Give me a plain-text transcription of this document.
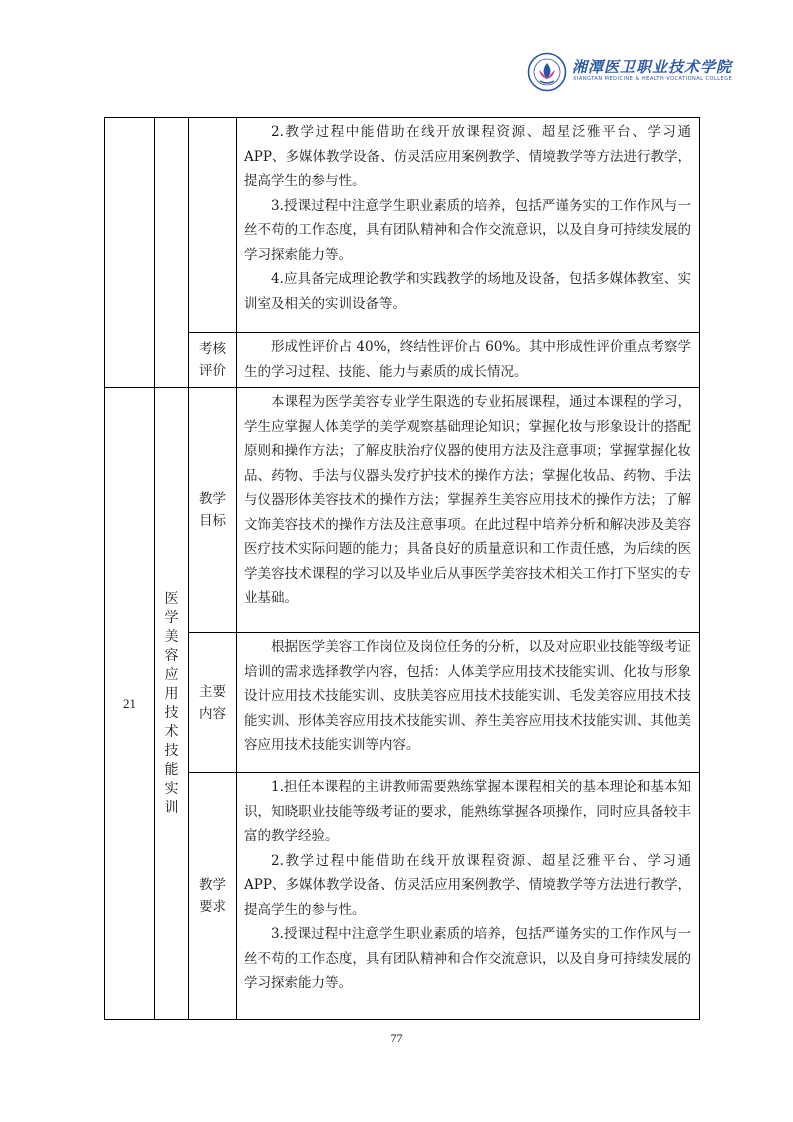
湘潭医卫职业技术学院
XIANGTAN MEDICINE & HEALTH VOCATIONAL COLLEGE

			2.教学过程中能借助在线开放课程资源、超星泛雅平台、学习通 APP、多媒体教学设备、仿灵活应用案例教学、情境教学等方法进行教学，提高学生的参与性。

3.授课过程中注意学生职业素质的培养，包括严谨务实的工作作风与一丝不苟的工作态度，具有团队精神和合作交流意识，以及自身可持续发展的学习探索能力等。

4.应具备完成理论教学和实践教学的场地及设备，包括多媒体教室、实训室及相关的实训设备等。

		考核评价	形成性评价占 40%，终结性评价占 60%。其中形成性评价重点考察学生的学习过程、技能、能力与素质的成长情况。

21	医学美容应用技术技能实训	教学目标	本课程为医学美容专业学生限选的专业拓展课程，通过本课程的学习，学生应掌握人体美学的美学观察基础理论知识；掌握化妆与形象设计的搭配原则和操作方法；了解皮肤治疗仪器的使用方法及注意事项；掌握掌握化妆品、药物、手法与仪器头发疗护技术的操作方法；掌握化妆品、药物、手法与仪器形体美容技术的操作方法；掌握养生美容应用技术的操作方法；了解文饰美容技术的操作方法及注意事项。在此过程中培养分析和解决涉及美容医疗技术实际问题的能力；具备良好的质量意识和工作责任感，为后续的医学美容技术课程的学习以及毕业后从事医学美容技术相关工作打下坚实的专业基础。

		主要内容	根据医学美容工作岗位及岗位任务的分析，以及对应职业技能等级考证培训的需求选择教学内容，包括：人体美学应用技术技能实训、化妆与形象设计应用技术技能实训、皮肤美容应用技术技能实训、毛发美容应用技术技能实训、形体美容应用技术技能实训、养生美容应用技术技能实训、其他美容应用技术技能实训等内容。

		教学要求	1.担任本课程的主讲教师需要熟练掌握本课程相关的基本理论和基本知识，知晓职业技能等级考证的要求，能熟练掌握各项操作，同时应具备较丰富的教学经验。

2.教学过程中能借助在线开放课程资源、超星泛雅平台、学习通 APP、多媒体教学设备、仿灵活应用案例教学、情境教学等方法进行教学，提高学生的参与性。

3.授课过程中注意学生职业素质的培养，包括严谨务实的工作作风与一丝不苟的工作态度，具有团队精神和合作交流意识，以及自身可持续发展的学习探索能力等。

77
